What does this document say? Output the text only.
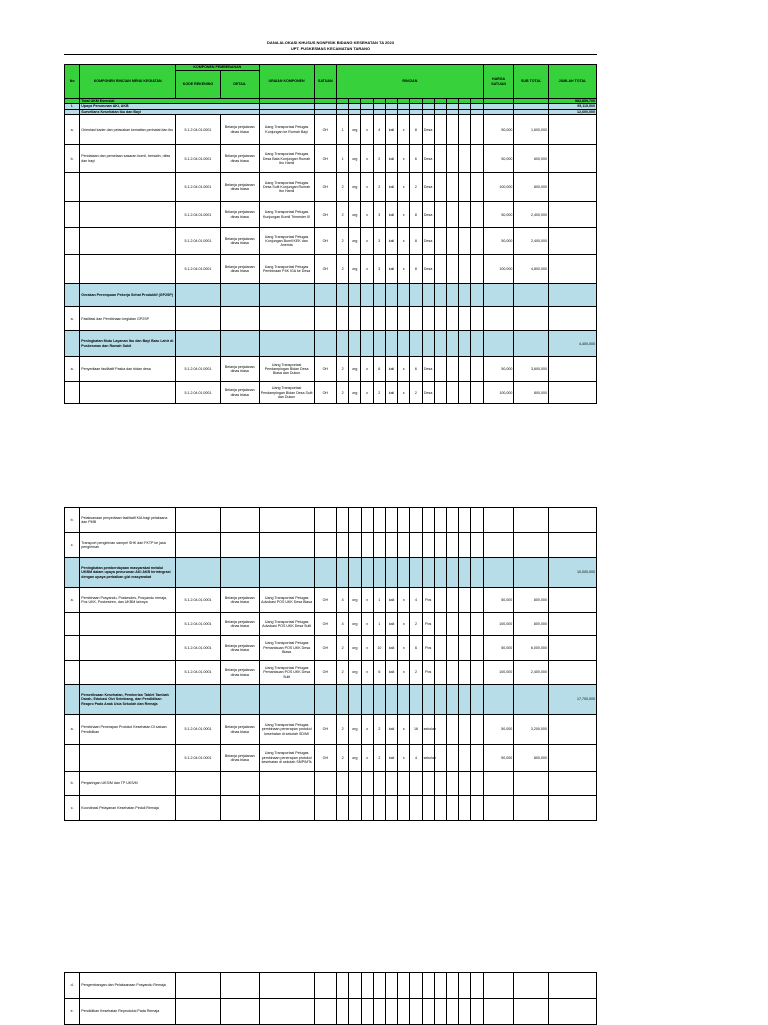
DANA ALOKASI KHUSUS NONFISIK BIDANG KESEHATAN TA 2023
UPT. PUSKESMAS KECAMATAN TARANO
No	KOMPONEN RINCIAN MENU KEGIATAN	KOMPONEN PEMBEBANAN		URAIAN KOMPONEN	SATUAN	RINCIAN												HARGA SATUAN	SUB TOTAL	JUMLAH TOTAL
		KODE REKENING	DETAIL																	
	Total UKM Esensial																			983,859,700
I.	Upaya Penurunan AKI, AKB																			95,115,500
	Surveilans Kesehatan Ibu dan Bayi																			12,600,000
a.	Orientasi kader dan pelacakan kematian perinatal dan ibu	5.1.2.04.01.0001	Belanja perjalanan dinas biasa	Uang Transportasi Petugas Kunjungan ke Rumah Bayi	OH	1	org	x	4	kali	x	8	Desa					50,000	1,600,000	
b.	Pendataan dan pemetaan sasaran bumil, bersalin, nifas dan bayi	5.1.2.04.01.0001	Belanja perjalanan dinas biasa	Uang Transportasi Petugas Desa Bala Kunjungan Rumah Ibu Hamil	OH	1	org	x	2	kali	x	6	Desa					50,000	600,000	
		5.1.2.04.01.0001	Belanja perjalanan dinas biasa	Uang Transportasi Petugas Desa Sulit Kunjungan Rumah Ibu Hamil	OH	2	org	x	2	kali	x	2	Desa					100,000	800,000	
		5.1.2.04.01.0001	Belanja perjalanan dinas biasa	Uang Transportasi Petugas Kunjungan Bumil Trimester III	OH	2	org	x	3	kali	x	8	Desa					50,000	2,400,000	
		5.1.2.04.01.0001	Belanja perjalanan dinas biasa	Uang Transportasi Petugas Kunjungan Bumil KEK dan Anemia	OH	2	org	x	3	kali	x	8	Desa					50,000	2,400,000	
		5.1.2.04.01.0001	Belanja perjalanan dinas biasa	Uang Transportasi Petugas Pembinaan P4K IGA ke Desa	OH	2	org	x	3	kali	x	8	Desa					100,000	4,800,000	
	Gerakan Perempuan Pekerja Sehat Produktif (GP2SP)																			
a.	Fasilitasi dan Pembinaan kegiatan GP2SP																			
	Peningkatan Mutu Layanan Ibu dan Bayi Baru Lahir di Puskesmas dan Rumah Sakit																			4,400,000
a.	Penyediaan fasilitatif Paska dan bidan desa	5.1.2.04.01.0001	Belanja perjalanan dinas biasa	Uang Transportasi Pendampingan Bidan Desa Biasa dan Dukun	OH	2	org	x	6	kali	x	6	Desa					50,000	3,600,000	
		5.1.2.04.01.0001	Belanja perjalanan dinas biasa	Uang Transportasi Pendampingan Bidan Desa Sulit dan Dukun	OH	2	org	x	2	kali	x	2	Desa					100,000	800,000	
b.	Pelaksanaan penyediaan fasilitatif KIA bagi pelaksana dan PMB																			
c.	Transport pengiriman sampel SHK dari FKTP ke jasa pengiriman																			
	Peningkatan pemberdayaan masyarakat melalui UKBM dalam upaya penurunan AKI AKB terintegrasi dengan upaya perbaikan gizi masyarakat																			10,000,000
a.	Pembinaan Posyandu, Poskesdes, Posyandu remaja, Pos UKK, Poskestren, dan UKBM lainnya	5.1.2.04.01.0001	Belanja perjalanan dinas biasa	Uang Transportasi Petugas Advokasi POS UKK Desa Biasa	OH	4	org	x	1	kali	x	4	Pos					50,000	800,000	
		5.1.2.04.01.0001	Belanja perjalanan dinas biasa	Uang Transportasi Petugas Advokasi POS UKK Desa Sulit	OH	4	org	x	1	kali	x	2	Pos					100,000	800,000	
		5.1.2.04.01.0001	Belanja perjalanan dinas biasa	Uang Transportasi Petugas Pemantauan POS UKK Desa Biasa	OH	2	org	x	10	kali	x	6	Pos					50,000	6,000,000	
		5.1.2.04.01.0001	Belanja perjalanan dinas biasa	Uang Transportasi Petugas Pemantauan POS UKK Desa Sulit	OH	2	org	x	6	kali	x	2	Pos					100,000	2,400,000	
	Pemeriksaan Kesehatan, Pemberian Tablet Tambah Darah, Edukasi Gizi Seimbang, dan Pendidikan Reapro Pada Anak Usia Sekolah dan Remaja																			17,700,000
a.	Pembinaan Penerapan Protokol Kesehatan Di satuan Pendidikan	5.1.2.04.01.0001	Belanja perjalanan dinas biasa	Uang Transportasi Petugas pembinaan penerapan protokol kesehatan di sekolah SD/MI	OH	2	org	x	2	kali	x	16	sekolah					50,000	3,200,000	
		5.1.2.04.01.0001	Belanja perjalanan dinas biasa	Uang Transportasi Petugas pembinaan penerapan protokol kesehatan di sekolah SMP/MTs	OH	2	org	x	2	kali	x	4	sekolah					50,000	800,000	
b.	Penjaringan UKS/M dan TP UKS/M																			
c.	Koordinasi Pelayanan Kesehatan Peduli Remaja																			
d.	Pengembangan dan Pelaksanaan Posyandu Remaja																			
e.	Pendidikan Kesehatan Reproduksi Pada Remaja																			
